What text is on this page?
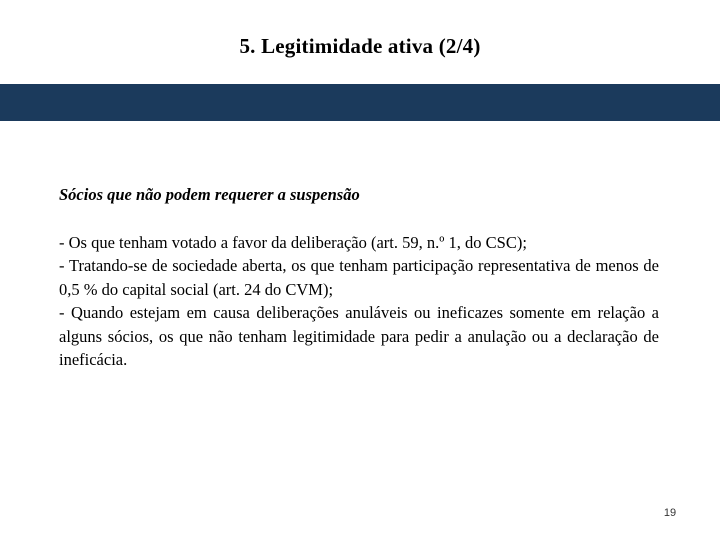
5. Legitimidade ativa (2/4)

Sócios que não podem requerer a suspensão

- Os que tenham votado a favor da deliberação (art. 59, n.º 1, do CSC);
- Tratando-se de sociedade aberta, os que tenham participação representativa de menos de 0,5 % do capital social (art. 24 do CVM);
- Quando estejam em causa deliberações anuláveis ou ineficazes somente em relação a alguns sócios, os que não tenham legitimidade para pedir a anulação ou a declaração de ineficácia.

19
